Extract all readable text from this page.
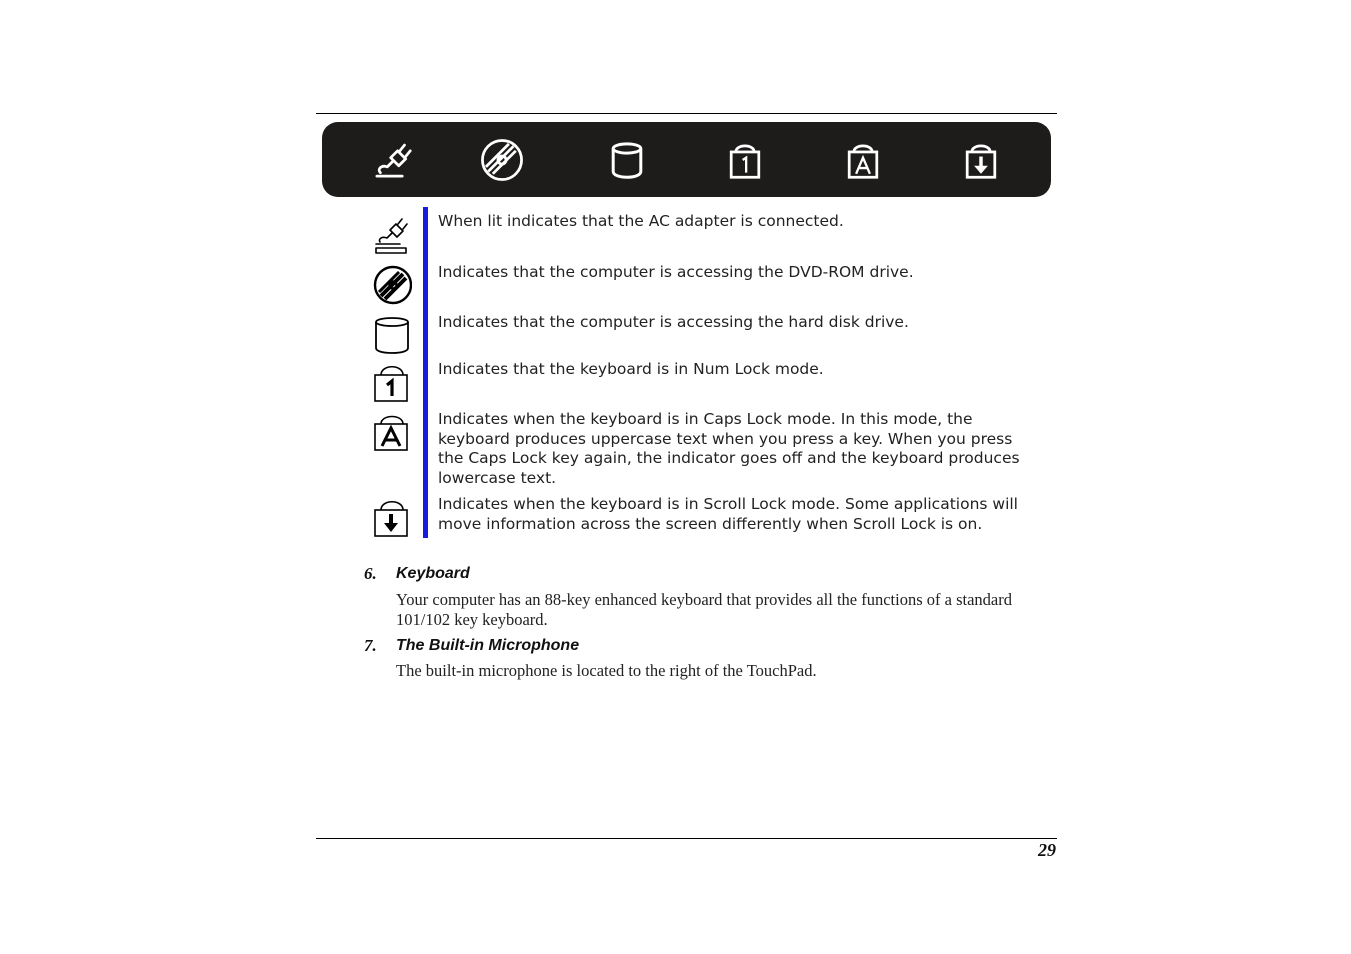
When lit indicates that the AC adapter is connected.
Indicates that the computer is accessing the DVD-ROM drive.
Indicates that the computer is accessing the hard disk drive.
Indicates that the keyboard is in Num Lock mode.
Indicates when the keyboard is in Caps Lock mode. In this mode, the keyboard produces uppercase text when you press a key. When you press the Caps Lock key again, the indicator goes off and the keyboard produces lowercase text.
Indicates when the keyboard is in Scroll Lock mode. Some applications will move information across the screen differently when Scroll Lock is on.
6. Keyboard
Your computer has an 88-key enhanced keyboard that provides all the functions of a standard 101/102 key keyboard.
7. The Built-in Microphone
The built-in microphone is located to the right of the TouchPad.
29
